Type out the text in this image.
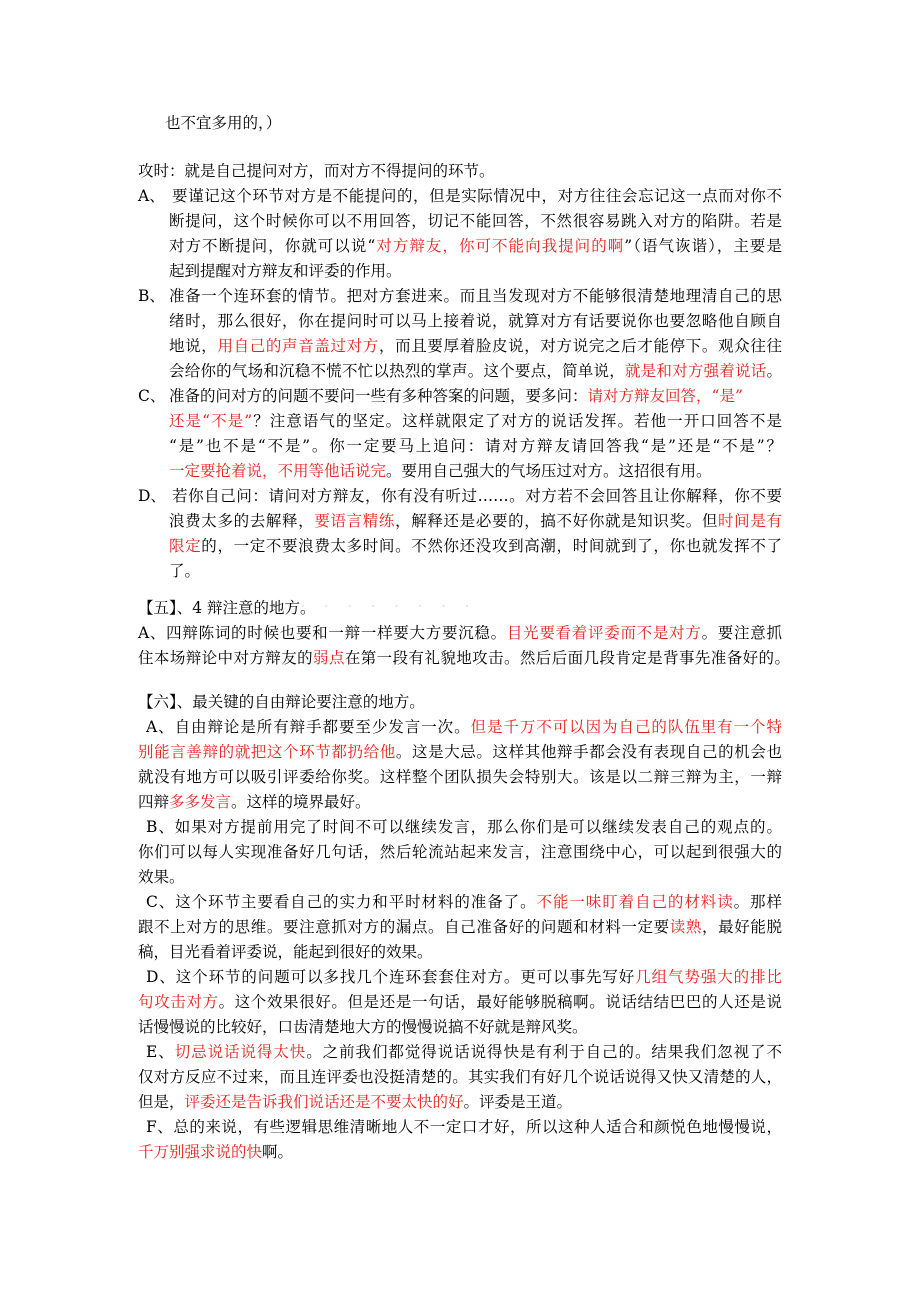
· · · · · · · ·
也不宜多用的，）
攻时：就是自己提问对方，而对方不得提问的环节。
A、 要谨记这个环节对方是不能提问的，但是实际情况中，对方往往会忘记这一点而对你不
断提问，这个时候你可以不用回答，切记不能回答，不然很容易跳入对方的陷阱。若是
对方不断提问，你就可以说“对方辩友，你可不能向我提问的啊”（语气诙谐），主要是
起到提醒对方辩友和评委的作用。
B、 准备一个连环套的情节。把对方套进来。而且当发现对方不能够很清楚地理清自己的思
绪时，那么很好，你在提问时可以马上接着说，就算对方有话要说你也要忽略他自顾自
地说，用自己的声音盖过对方，而且要厚着脸皮说，对方说完之后才能停下。观众往往
会给你的气场和沉稳不慌不忙以热烈的掌声。这个要点，简单说，就是和对方强着说话。
C、 准备的问对方的问题不要问一些有多种答案的问题，要多问：请对方辩友回答，“是”
还是“不是”？注意语气的坚定。这样就限定了对方的说话发挥。若他一开口回答不是
“是”也不是“不是”。你一定要马上追问：请对方辩友请回答我“是”还是“不是”？
一定要抢着说，不用等他话说完。要用自己强大的气场压过对方。这招很有用。
D、 若你自己问：请问对方辩友，你有没有听过……。对方若不会回答且让你解释，你不要
浪费太多的去解释，要语言精练，解释还是必要的，搞不好你就是知识奖。但时间是有
限定的，一定不要浪费太多时间。不然你还没攻到高潮，时间就到了，你也就发挥不了
了。
【五】、4 辩注意的地方。
A、四辩陈词的时候也要和一辩一样要大方要沉稳。目光要看着评委而不是对方。要注意抓
住本场辩论中对方辩友的弱点在第一段有礼貌地攻击。然后后面几段肯定是背事先准备好的。
【六】、最关键的自由辩论要注意的地方。
A、自由辩论是所有辩手都要至少发言一次。但是千万不可以因为自己的队伍里有一个特
别能言善辩的就把这个环节都扔给他。这是大忌。这样其他辩手都会没有表现自己的机会也
就没有地方可以吸引评委给你奖。这样整个团队损失会特别大。该是以二辩三辩为主，一辩
四辩多多发言。这样的境界最好。
B、如果对方提前用完了时间不可以继续发言，那么你们是可以继续发表自己的观点的。
你们可以每人实现准备好几句话，然后轮流站起来发言，注意围绕中心，可以起到很强大的
效果。
C、这个环节主要看自己的实力和平时材料的准备了。不能一味盯着自己的材料读。那样
跟不上对方的思维。要注意抓对方的漏点。自己准备好的问题和材料一定要读熟，最好能脱
稿，目光看着评委说，能起到很好的效果。
D、这个环节的问题可以多找几个连环套套住对方。更可以事先写好几组气势强大的排比
句攻击对方。这个效果很好。但是还是一句话，最好能够脱稿啊。说话结结巴巴的人还是说
话慢慢说的比较好，口齿清楚地大方的慢慢说搞不好就是辩风奖。
E、切忌说话说得太快。之前我们都觉得说话说得快是有利于自己的。结果我们忽视了不
仅对方反应不过来，而且连评委也没挺清楚的。其实我们有好几个说话说得又快又清楚的人，
但是，评委还是告诉我们说话还是不要太快的好。评委是王道。
F、总的来说，有些逻辑思维清晰地人不一定口才好，所以这种人适合和颜悦色地慢慢说，
千万别强求说的快啊。
